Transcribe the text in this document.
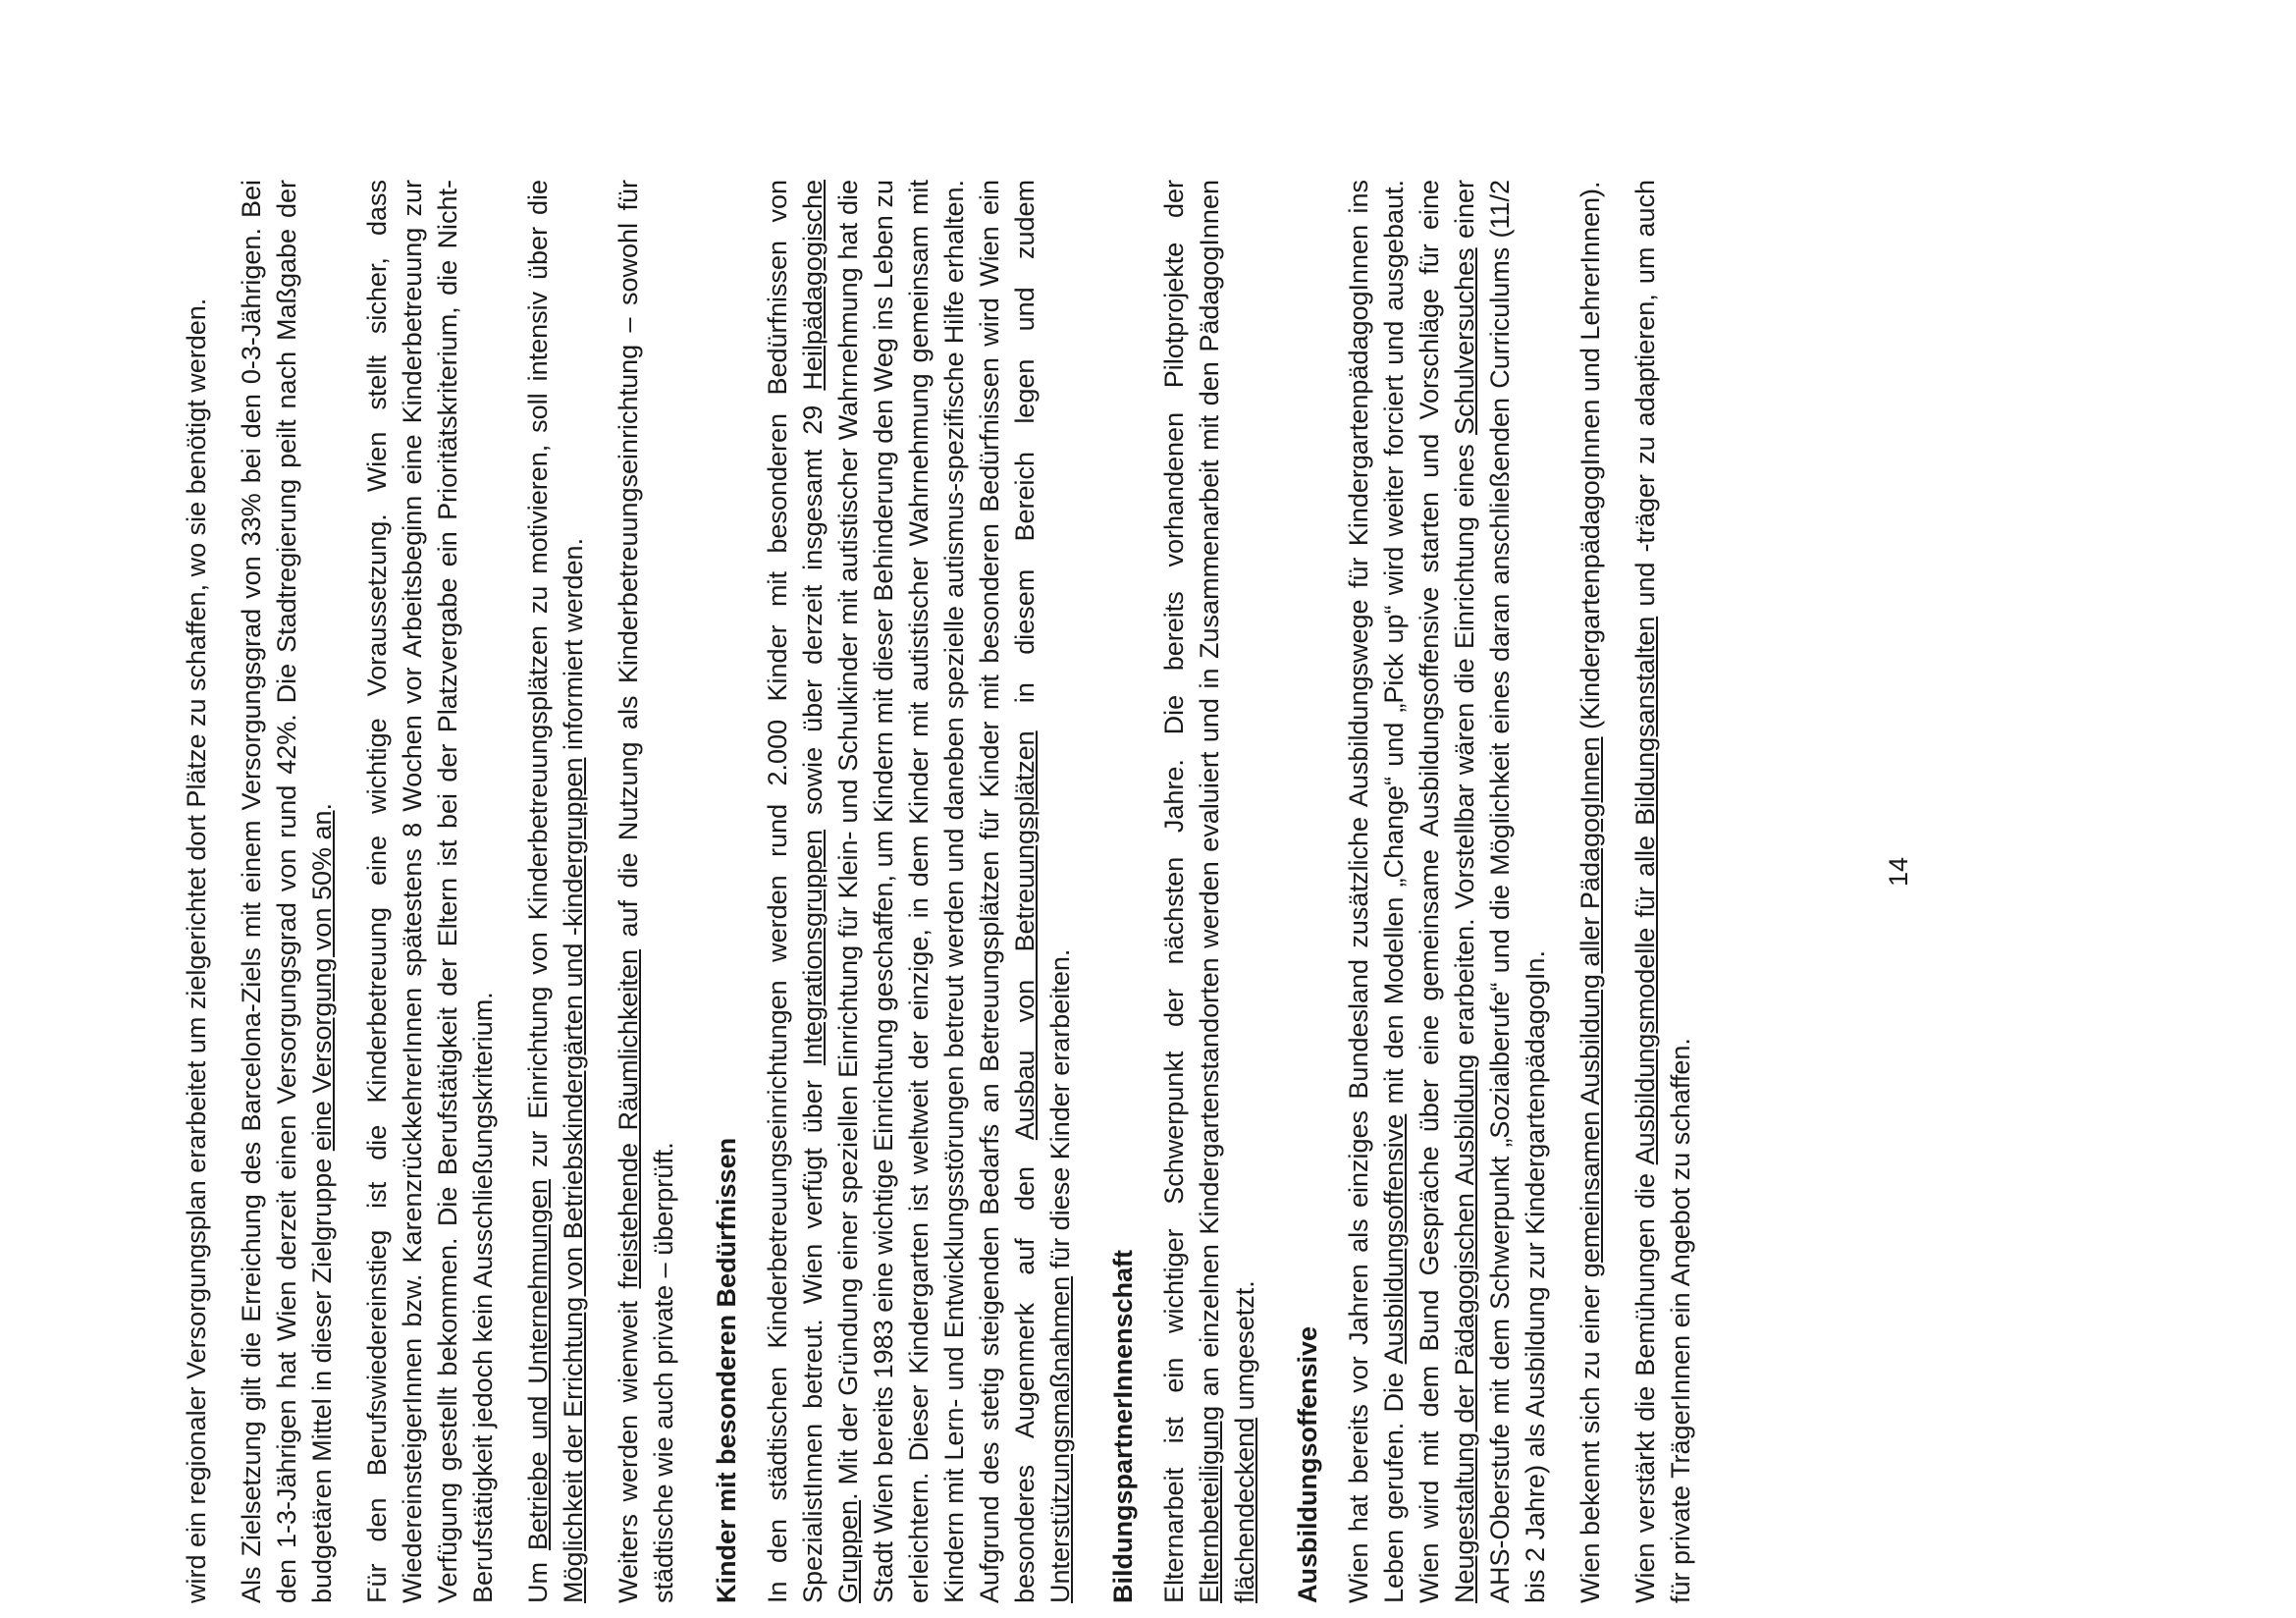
wird ein regionaler Versorgungsplan erarbeitet um zielgerichtet dort Plätze zu schaffen, wo sie benötigt werden. Als Zielsetzung gilt die Erreichung des Barcelona-Ziels mit einem Versorgungsgrad von 33% bei den 0-3-Jährigen. Bei den 1-3-Jährigen hat Wien derzeit einen Versorgungsgrad von rund 42%. Die Stadtregierung peilt nach Maßgabe der budgetären Mittel in dieser Zielgruppe eine Versorgung von 50% an. Für den Berufswiedereinstieg ist die Kinderbetreuung eine wichtige Voraussetzung. Wien stellt sicher, dass WiedereinsteigerInnen bzw. KarenzrückkehrerInnen spätestens 8 Wochen vor Arbeitsbeginn eine Kinderbetreuung zur Verfügung gestellt bekommen. Die Berufstätigkeit der Eltern ist bei der Platzvergabe ein Prioritätskriterium, die Nicht-Berufstätigkeit jedoch kein Ausschließungskriterium. Um Betriebe und Unternehmungen zur Einrichtung von Kinderbetreuungsplätzen zu motivieren, soll intensiv über die Möglichkeit der Errichtung von Betriebskindergärten und -kindergruppen informiert werden.

Weiters werden wienweit freistehende Räumlichkeiten auf die Nutzung als Kinderbetreuungseinrichtung – sowohl für städtische wie auch private – überprüft. Kinder mit besonderen Bedürfnissen In den städtischen Kinderbetreuungseinrichtungen werden rund 2.000 Kinder mit besonderen Bedürfnissen von SpezialistInnen betreut. Wien verfügt über Integrationsgruppen sowie über derzeit insgesamt 29 Heilpädagogische Gruppen. Mit der Gründung einer speziellen Einrichtung für Klein- und Schulkinder mit autistischer Wahrnehmung hat die Stadt Wien bereits 1983 eine wichtige Einrichtung geschaffen, um Kindern mit dieser Behinderung den Weg ins Leben zu erleichtern. Dieser Kindergarten ist weltweit der einzige, in dem Kinder mit autistischer Wahrnehmung gemeinsam mit Kindern mit Lern- und Entwicklungsstörungen betreut werden und daneben spezielle autismus-spezifische Hilfe erhalten. Aufgrund des stetig steigenden Bedarfs an Betreuungsplätzen für Kinder mit besonderen Bedürfnissen wird Wien ein besonderes Augenmerk auf den Ausbau von Betreuungsplätzen in diesem Bereich legen und zudem Unterstützungsmaßnahmen für diese Kinder erarbeiten.

BildungspartnerInnenschaft Elternarbeit ist ein wichtiger Schwerpunkt der nächsten Jahre. Die bereits vorhandenen Pilotprojekte der Elternbeteiligung an einzelnen Kindergartenstandorten werden evaluiert und in Zusammenarbeit mit den PädagogInnen flächendeckend umgesetzt. Ausbildungsoffensive Wien hat bereits vor Jahren als einziges Bundesland zusätzliche Ausbildungswege für KindergartenpädagogInnen ins Leben gerufen. Die Ausbildungsoffensive mit den Modellen „Change“ und „Pick up“ wird weiter forciert und ausgebaut. Wien wird mit dem Bund Gespräche über eine gemeinsame Ausbildungsoffensive starten und Vorschläge für eine Neugestaltung der Pädagogischen Ausbildung erarbeiten. Vorstellbar wären die Einrichtung eines Schulversuches einer AHS-Oberstufe mit dem Schwerpunkt „Sozialberufe“ und die Möglichkeit eines daran anschließenden Curriculums (11/2 bis 2 Jahre) als Ausbildung zur KindergartenpädagogIn. Wien bekennt sich zu einer gemeinsamen Ausbildung aller PädagogInnen (KindergartenpädagogInnen und LehrerInnen).

Wien verstärkt die Bemühungen die Ausbildungsmodelle für alle Bildungsanstalten und -träger zu adaptieren, um auch für private TrägerInnen ein Angebot zu schaffen.

14
